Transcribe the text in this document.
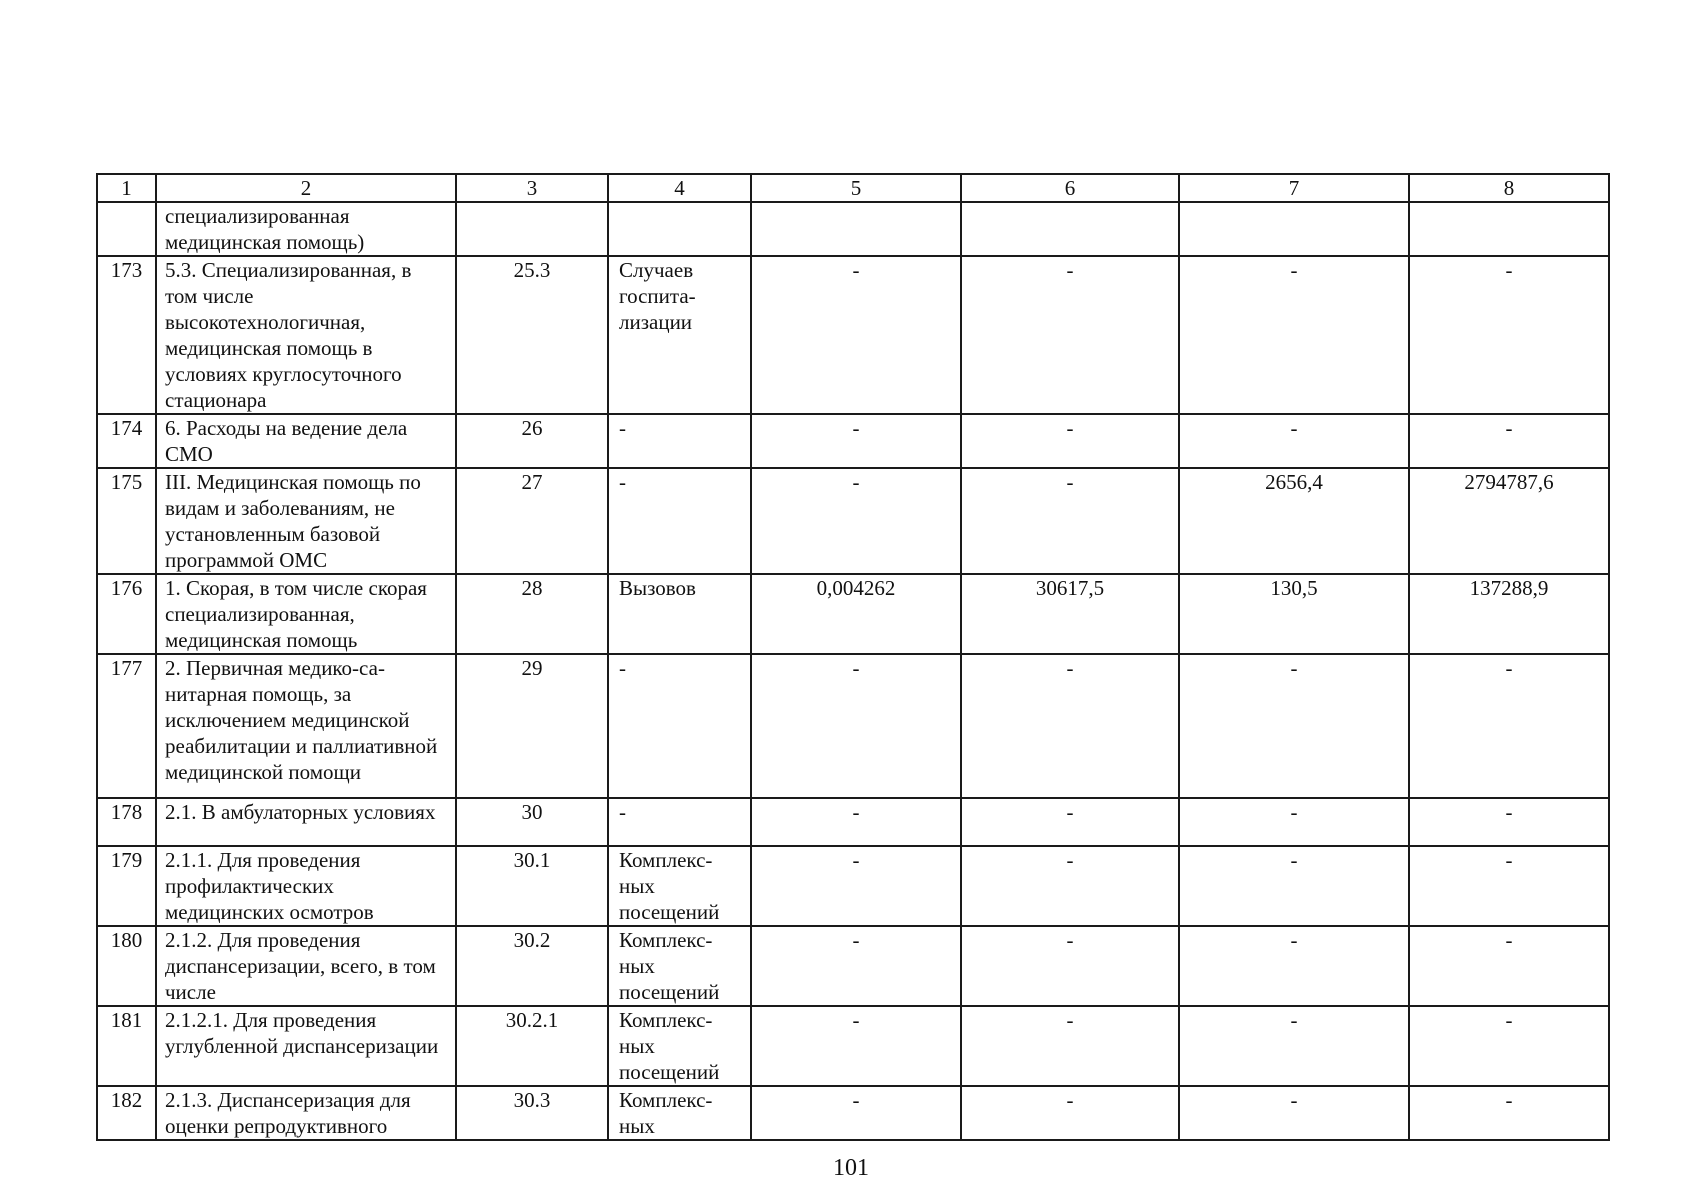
1	2	3	4	5	6	7	8
	специализированная медицинская помощь)						
173	5.3. Специализированная, в том числе высокотехнологичная, медицинская помощь в условиях круглосуточного стационара	25.3	Случаев госпита-лизации	-	-	-	-
174	6. Расходы на ведение дела СМО	26	-	-	-	-	-
175	III. Медицинская помощь по видам и заболеваниям, не установленным базовой программой ОМС	27	-	-	-	2656,4	2794787,6
176	1. Скорая, в том числе скорая специализированная, медицинская помощь	28	Вызовов	0,004262	30617,5	130,5	137288,9
177	2. Первичная медико-са-нитарная помощь, за исключением медицинской реабилитации и паллиативной медицинской помощи	29	-	-	-	-	-
178	2.1. В амбулаторных условиях	30	-	-	-	-	-
179	2.1.1. Для проведения профилактических медицинских осмотров	30.1	Комплекс-ных посещений	-	-	-	-
180	2.1.2. Для проведения диспансеризации, всего, в том числе	30.2	Комплекс-ных посещений	-	-	-	-
181	2.1.2.1. Для проведения углубленной диспансеризации	30.2.1	Комплекс-ных посещений	-	-	-	-
182	2.1.3. Диспансеризация для оценки репродуктивного	30.3	Комплекс-ных	-	-	-	-
101
